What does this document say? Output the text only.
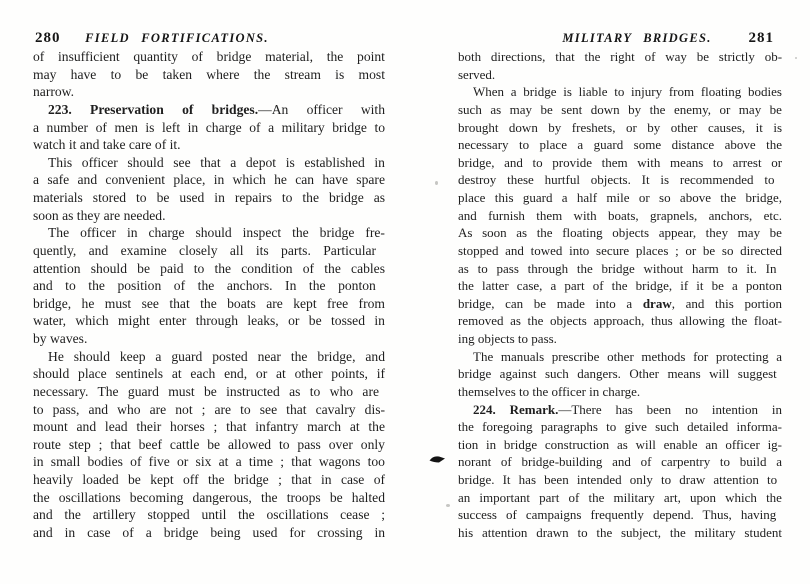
280 FIELD FORTIFICATIONS.
of insufficient quantity of bridge material, the point
may have to be taken where the stream is most
narrow.
223. Preservation of bridges.—An officer with
a number of men is left in charge of a military bridge to
watch it and take care of it.
This officer should see that a depot is established in
a safe and convenient place, in which he can have spare
materials stored to be used in repairs to the bridge as
soon as they are needed.
The officer in charge should inspect the bridge fre-
quently, and examine closely all its parts. Particular
attention should be paid to the condition of the cables
and to the position of the anchors. In the ponton
bridge, he must see that the boats are kept free from
water, which might enter through leaks, or be tossed in
by waves.
He should keep a guard posted near the bridge, and
should place sentinels at each end, or at other points, if
necessary. The guard must be instructed as to who are
to pass, and who are not ; are to see that cavalry dis-
mount and lead their horses ; that infantry march at the
route step ; that beef cattle be allowed to pass over only
in small bodies of five or six at a time ; that wagons too
heavily loaded be kept off the bridge ; that in case of
the oscillations becoming dangerous, the troops be halted
and the artillery stopped until the oscillations cease ;
and in case of a bridge being used for crossing in
MILITARY BRIDGES. 281
both directions, that the right of way be strictly ob-
served.
When a bridge is liable to injury from floating bodies
such as may be sent down by the enemy, or may be
brought down by freshets, or by other causes, it is
necessary to place a guard some distance above the
bridge, and to provide them with means to arrest or
destroy these hurtful objects. It is recommended to
place this guard a half mile or so above the bridge,
and furnish them with boats, grapnels, anchors, etc.
As soon as the floating objects appear, they may be
stopped and towed into secure places ; or be so directed
as to pass through the bridge without harm to it. In
the latter case, a part of the bridge, if it be a ponton
bridge, can be made into a draw, and this portion
removed as the objects approach, thus allowing the float-
ing objects to pass.
The manuals prescribe other methods for protecting a
bridge against such dangers. Other means will suggest
themselves to the officer in charge.
224. Remark.—There has been no intention in
the foregoing paragraphs to give such detailed informa-
tion in bridge construction as will enable an officer ig-
norant of bridge-building and of carpentry to build a
bridge. It has been intended only to draw attention to
an important part of the military art, upon which the
success of campaigns frequently depend. Thus, having
his attention drawn to the subject, the military student
